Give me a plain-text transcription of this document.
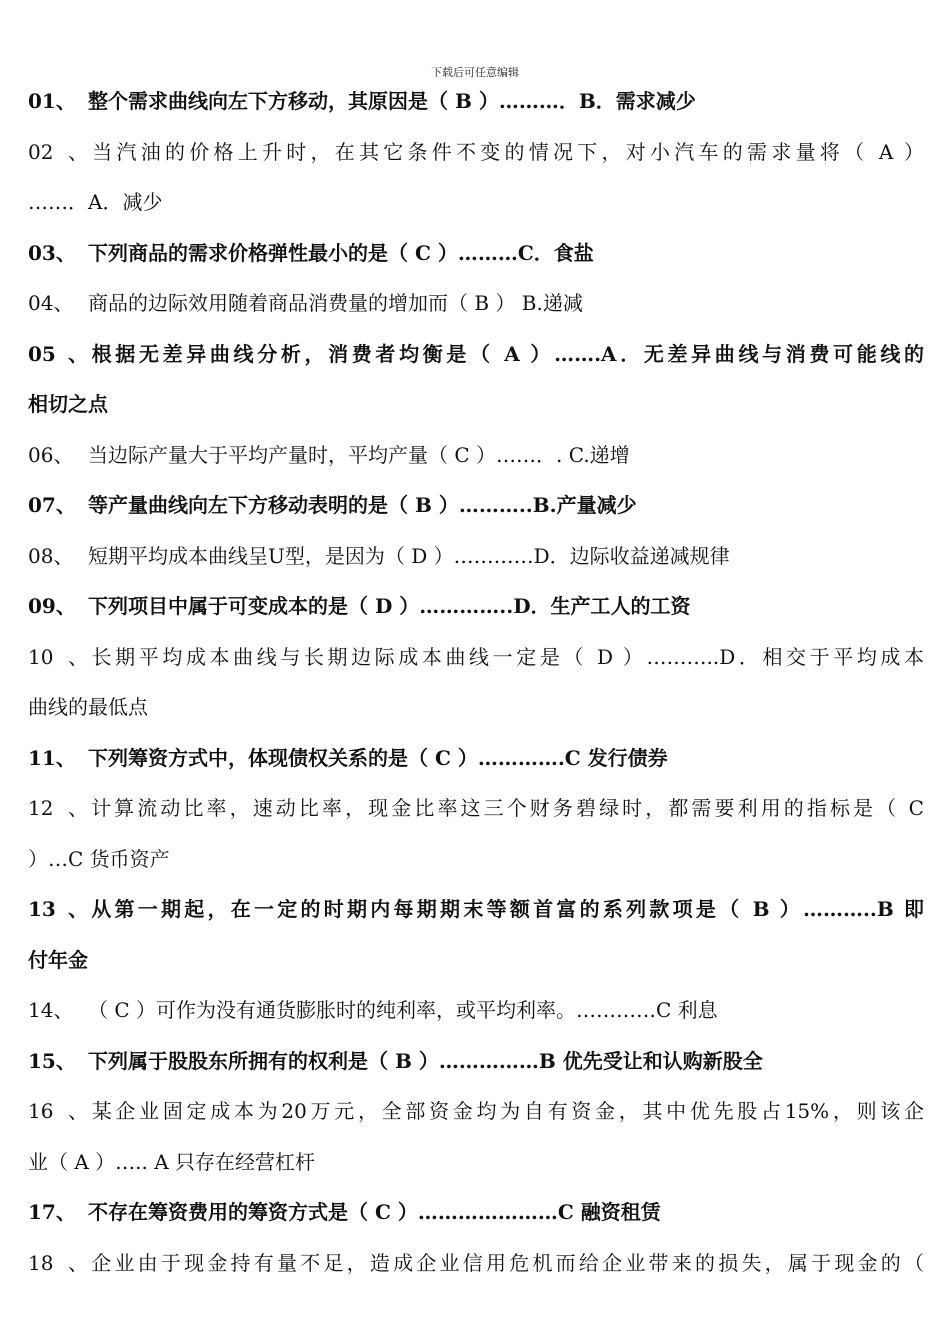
下载后可任意编辑
01、 整个需求曲线向左下方移动，其原因是（ B ）………．B．需求减少
02、当汽油的价格上升时，在其它条件不变的情况下，对小汽车的需求量将（ A ）
……．A．减少
03、 下列商品的需求价格弹性最小的是（ C ）………C．食盐
04、 商品的边际效用随着商品消费量的增加而（ B ） B.递减
05、根据无差异曲线分析，消费者均衡是（ A ）…….A．无差异曲线与消费可能线的
相切之点
06、 当边际产量大于平均产量时，平均产量（ C ）……．. C.递增
07、 等产量曲线向左下方移动表明的是（ B ）………..B.产量减少
08、 短期平均成本曲线呈U型，是因为（ D ）…………D．边际收益递减规律
09、 下列项目中属于可变成本的是（ D ）…………..D．生产工人的工资
10、长期平均成本曲线与长期边际成本曲线一定是（ D ）………..D．相交于平均成本
曲线的最低点
11、 下列筹资方式中，体现债权关系的是（ C ）………….C 发行债券
12、计算流动比率，速动比率，现金比率这三个财务碧绿时，都需要利用的指标是（ C
）…C 货币资产
13、从第一期起，在一定的时期内每期期末等额首富的系列款项是（ B ）………..B 即
付年金
14、 （ C ）可作为没有通货膨胀时的纯利率，或平均利率。…………C 利息
15、 下列属于股股东所拥有的权利是（ B ）……………B 优先受让和认购新股全
16、某企业固定成本为20万元，全部资金均为自有资金，其中优先股占15%，则该企
业（ A ）….. A 只存在经营杠杆
17、 不存在筹资费用的筹资方式是（ C ）…………………C 融资租赁
18、企业由于现金持有量不足，造成企业信用危机而给企业带来的损失，属于现金的（
